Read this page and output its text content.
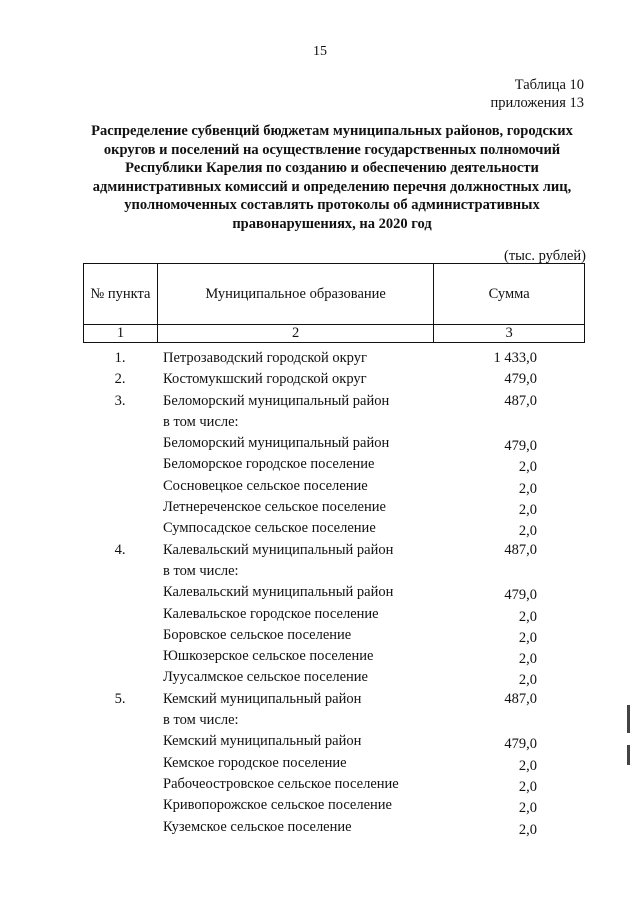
15
Таблица 10
приложения 13
Распределение субвенций бюджетам муниципальных районов, городских округов и поселений на осуществление государственных полномочий Республики Карелия по созданию и обеспечению деятельности административных комиссий и определению перечня должностных лиц, уполномоченных составлять протоколы об административных правонарушениях, на 2020 год
(тыс. рублей)
№ пункта	Муниципальное образование	Сумма
1	2	3
1.	Петрозаводский городской округ	1 433,0
2.	Костомукшский городской округ	479,0
3.	Беломорский муниципальный район	487,0
в том числе:
Беломорский муниципальный район	479,0
Беломорское городское поселение	2,0
Сосновецкое сельское поселение	2,0
Летнереченское сельское поселение	2,0
Сумпосадское сельское поселение	2,0
4.	Калевальский муниципальный район	487,0
в том числе:
Калевальский муниципальный район	479,0
Калевальское городское поселение	2,0
Боровское сельское поселение	2,0
Юшкозерское сельское поселение	2,0
Луусалмское сельское поселение	2,0
5.	Кемский муниципальный район	487,0
в том числе:
Кемский муниципальный район	479,0
Кемское городское поселение	2,0
Рабочеостровское сельское поселение	2,0
Кривопорожское сельское поселение	2,0
Куземское сельское поселение	2,0
